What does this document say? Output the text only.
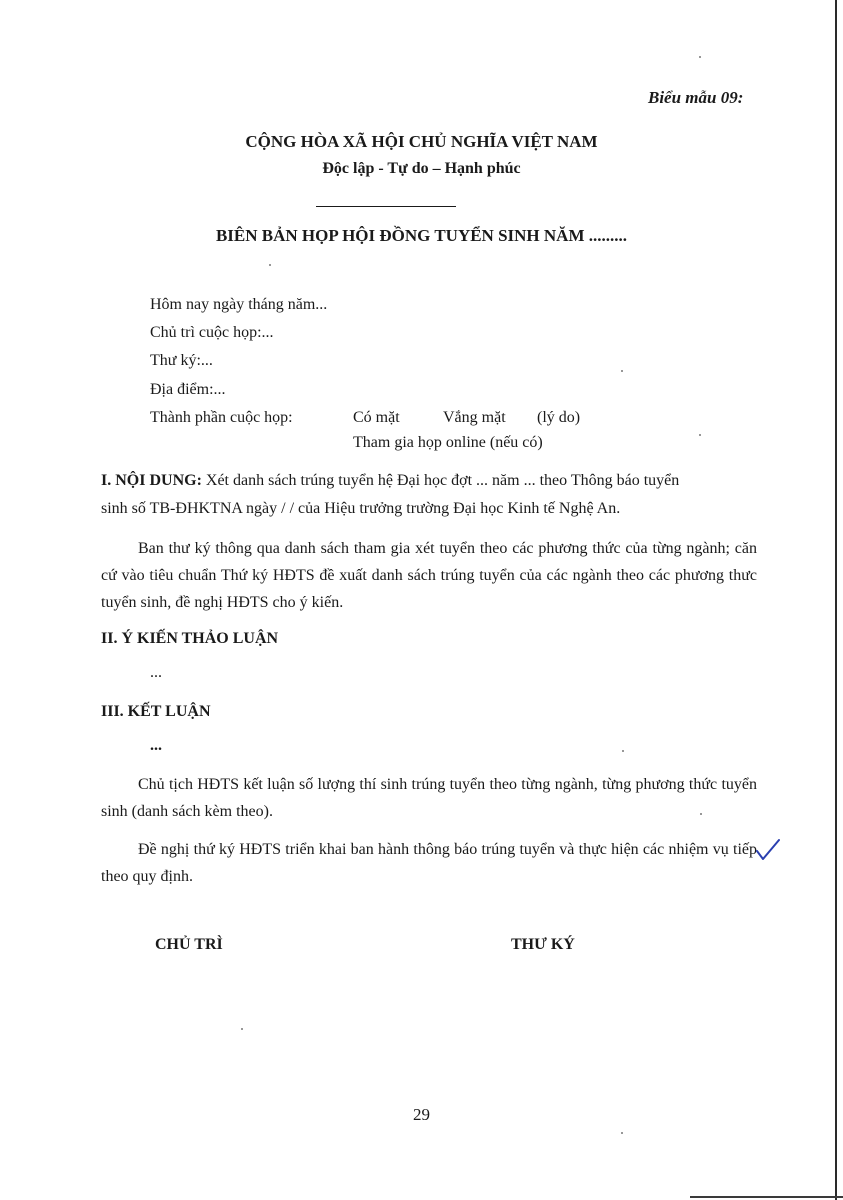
Biểu mẫu 09:
CỘNG HÒA XÃ HỘI CHỦ NGHĨA VIỆT NAM
Độc lập - Tự do – Hạnh phúc
BIÊN BẢN HỌP HỘI ĐỒNG TUYỂN SINH NĂM .........
Hôm nay ngày tháng năm...
Chủ trì cuộc họp:...
Thư ký:...
Địa điểm:...
Thành phần cuộc họp:	Có mặt	Vắng mặt (lý do)
Tham gia họp online (nếu có)
I. NỘI DUNG: Xét danh sách trúng tuyển hệ Đại học đợt ... năm ... theo Thông báo tuyển
sinh số TB-ĐHKTNA ngày / / của Hiệu trưởng trường Đại học Kinh tế Nghệ An.
Ban thư ký thông qua danh sách tham gia xét tuyển theo các phương thức của từng ngành; căn cứ vào tiêu chuẩn Thứ ký HĐTS đề xuất danh sách trúng tuyển của các ngành theo các phương thưc tuyển sinh, đề nghị HĐTS cho ý kiến.
II. Ý KIẾN THẢO LUẬN
...
III. KẾT LUẬN
...
Chủ tịch HĐTS kết luận số lượng thí sinh trúng tuyển theo từng ngành, từng phương thức tuyển sinh (danh sách kèm theo).
Đề nghị thứ ký HĐTS triển khai ban hành thông báo trúng tuyển và thực hiện các nhiệm vụ tiếp theo quy định.
CHỦ TRÌ	THƯ KÝ
29
